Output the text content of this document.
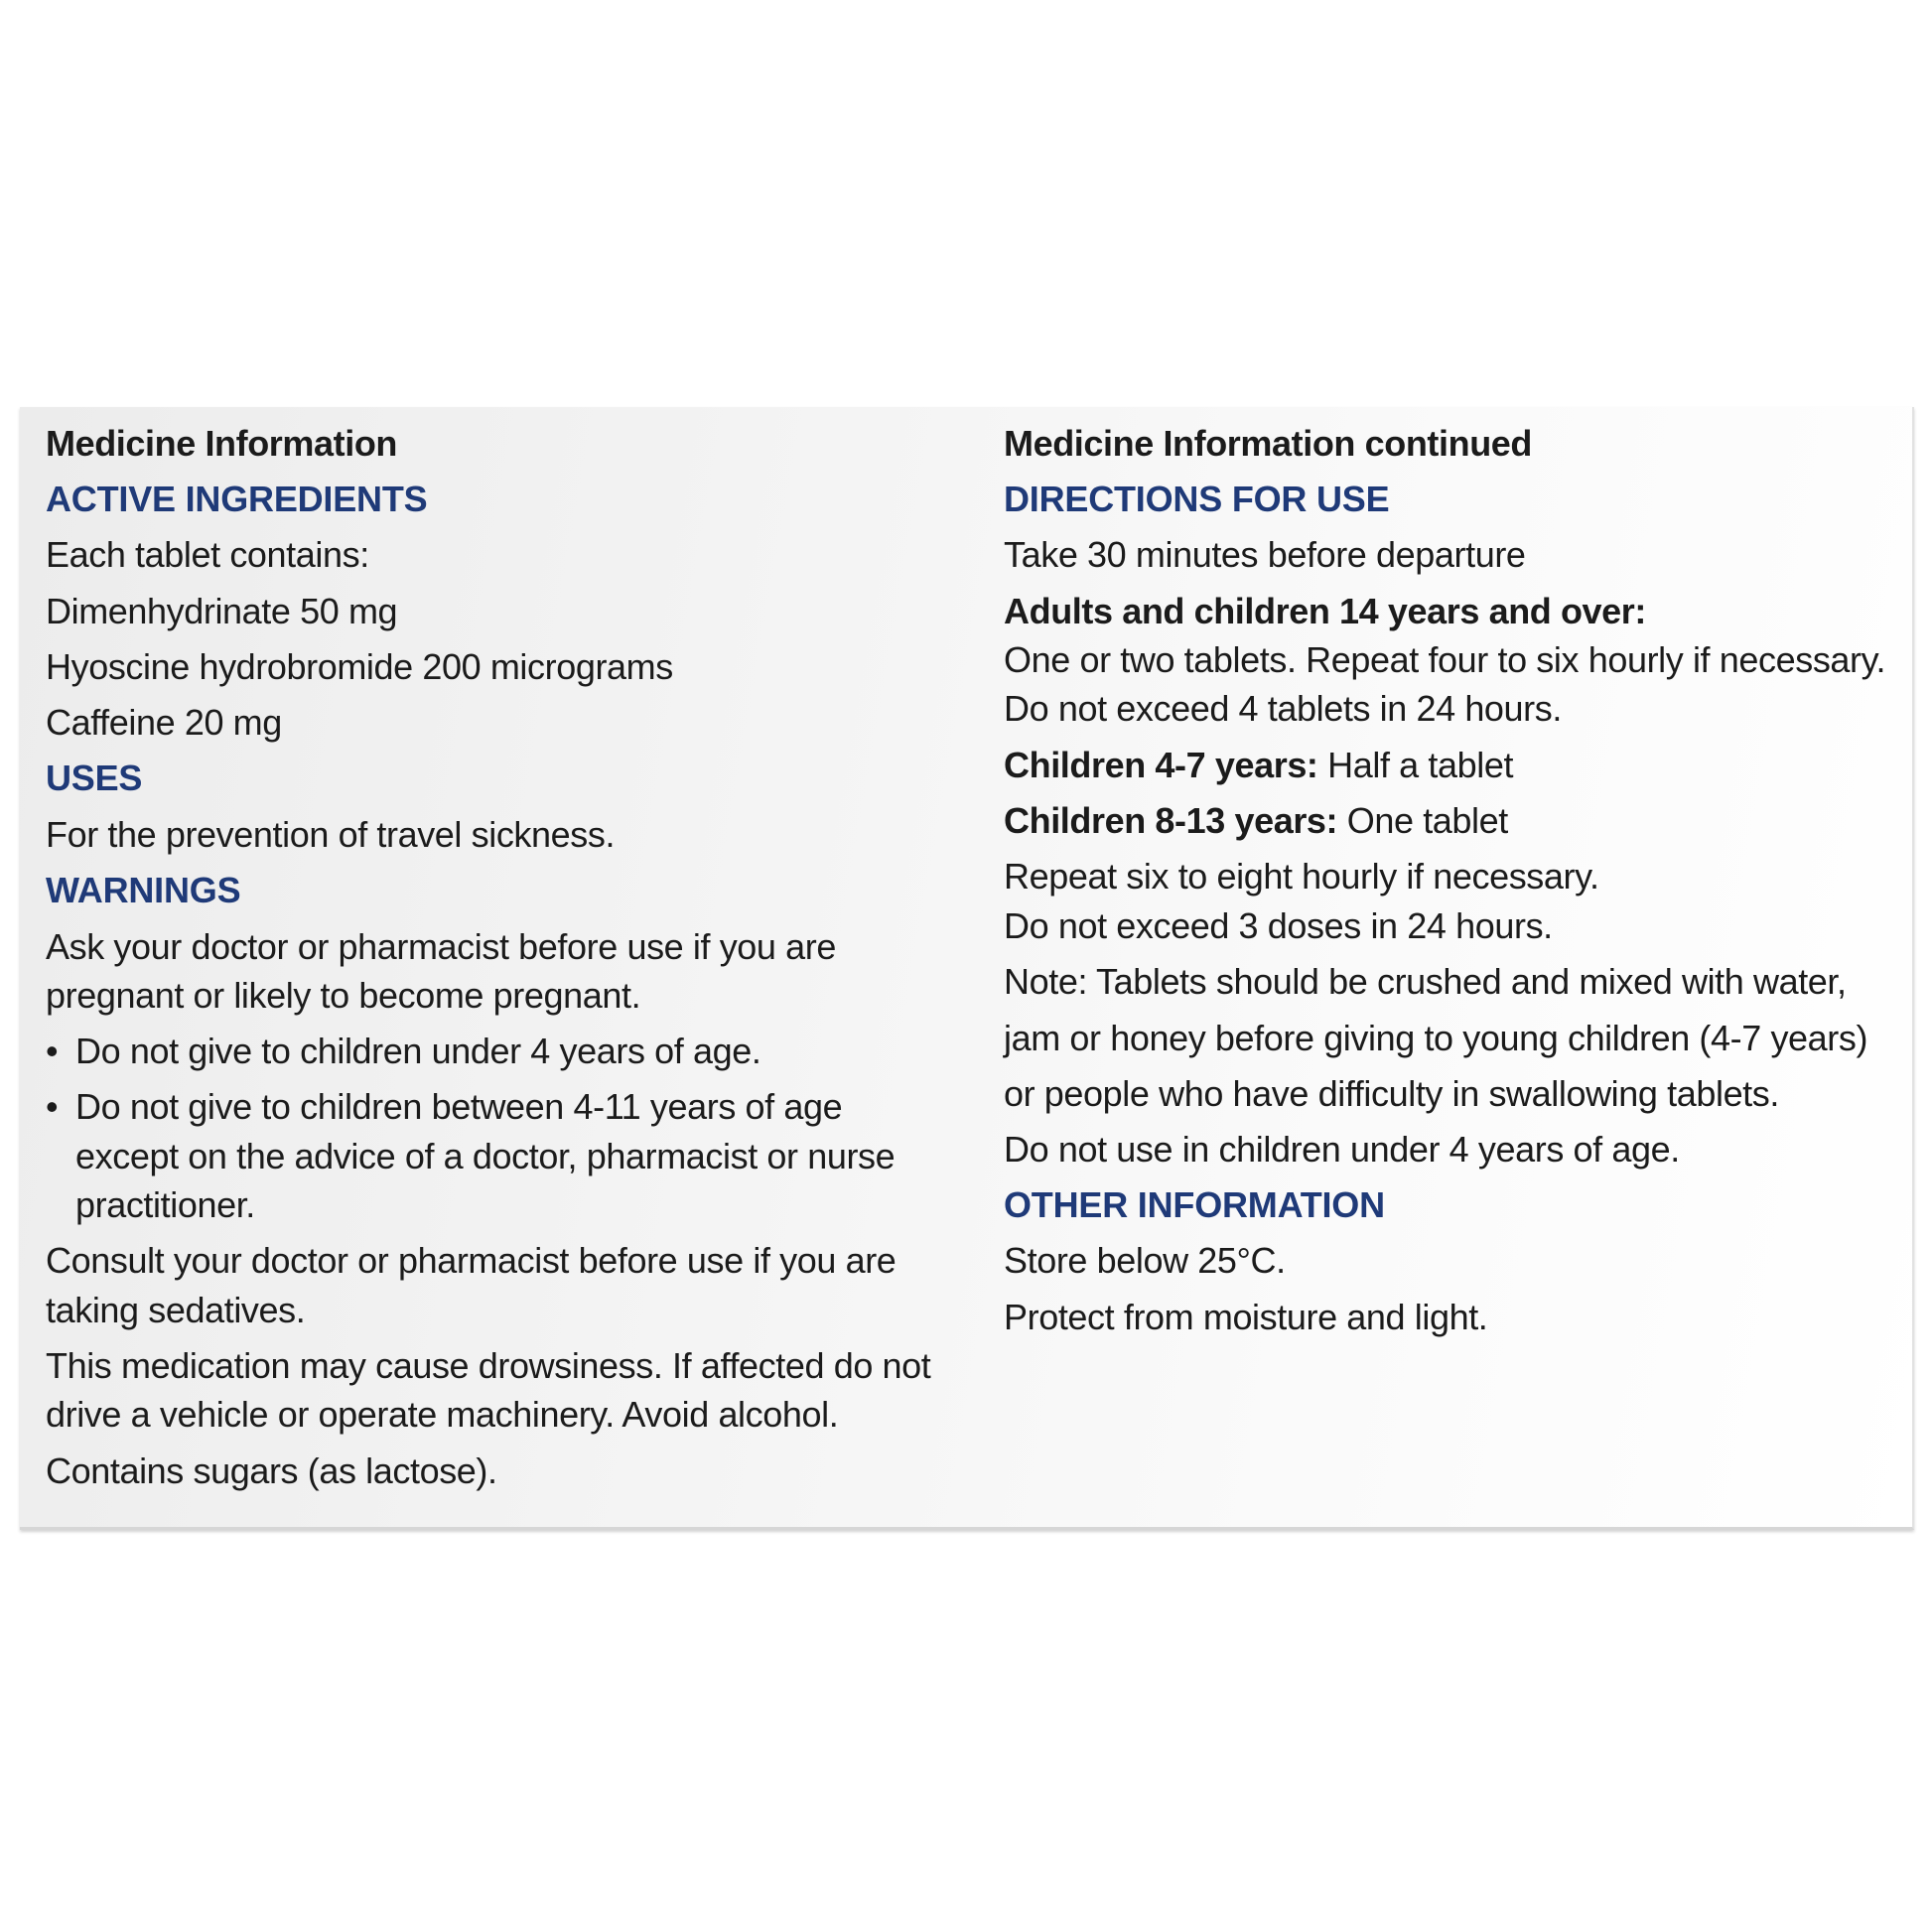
Medicine Information
ACTIVE INGREDIENTS
Each tablet contains:
Dimenhydrinate 50 mg
Hyoscine hydrobromide 200 micrograms
Caffeine 20 mg
USES
For the prevention of travel sickness.
WARNINGS
Ask your doctor or pharmacist before use if you are
pregnant or likely to become pregnant.
• Do not give to children under 4 years of age.
• Do not give to children between 4-11 years of age
except on the advice of a doctor, pharmacist or nurse
practitioner.
Consult your doctor or pharmacist before use if you are
taking sedatives.
This medication may cause drowsiness. If affected do not
drive a vehicle or operate machinery. Avoid alcohol.
Contains sugars (as lactose).
Medicine Information continued
DIRECTIONS FOR USE
Take 30 minutes before departure
Adults and children 14 years and over:
One or two tablets. Repeat four to six hourly if necessary.
Do not exceed 4 tablets in 24 hours.
Children 4-7 years: Half a tablet
Children 8-13 years: One tablet
Repeat six to eight hourly if necessary.
Do not exceed 3 doses in 24 hours.
Note: Tablets should be crushed and mixed with water,
jam or honey before giving to young children (4-7 years)
or people who have difficulty in swallowing tablets.
Do not use in children under 4 years of age.
OTHER INFORMATION
Store below 25°C.
Protect from moisture and light.
